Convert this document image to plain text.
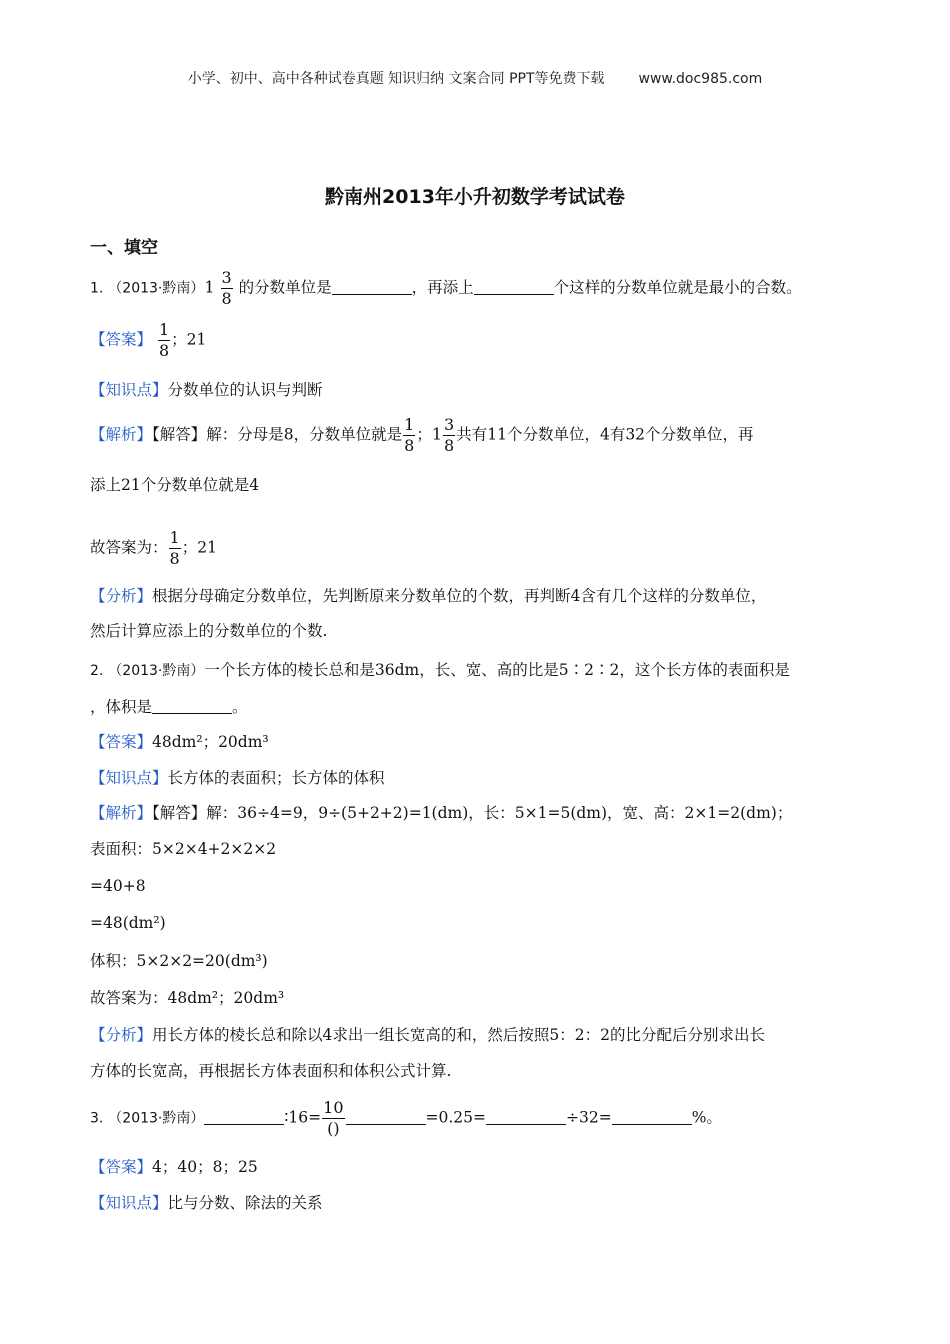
小学、初中、高中各种试卷真题 知识归纳 文案合同 PPT等免费下载 www.doc985.com
黔南州2013年小升初数学考试试卷
一、填空
1. （2013·黔南）$1 \frac{3}{8}$ 的分数单位是	，再添上	个这样的分数单位就是最小的合数。
【答案】 $\frac{1}{8}$ ；21
【知识点】分数单位的认识与判断
【解析】【解答】解：分母是8，分数单位就是 $\frac{1}{8}$ ；$1 \frac{3}{8}$ 共有11个分数单位，4有32个分数单位，再
添上21个分数单位就是4
故答案为： $\frac{1}{8}$ ；21
【分析】根据分母确定分数单位，先判断原来分数单位的个数，再判断4含有几个这样的分数单位，
然后计算应添上的分数单位的个数.
2. （2013·黔南）一个长方体的棱长总和是36dm，长、宽、高的比是5∶2∶2，这个长方体的表面积是
，体积是	。
【答案】48dm²；20dm³
【知识点】长方体的表面积；长方体的体积
【解析】【解答】解：36÷4=9，9÷(5+2+2)=1(dm)，长：5×1=5(dm)，宽、高：2×1=2(dm)；
表面积：5×2×4+2×2×2
=40+8
=48(dm²)
体积：5×2×2=20(dm³)
故答案为：48dm²；20dm³
【分析】用长方体的棱长总和除以4求出一组长宽高的和，然后按照5：2：2的比分配后分别求出长
方体的长宽高，再根据长方体表面积和体积公式计算.
3. （2013·黔南）	∶16= $\frac{10}{()}$	=0.25=	÷32=	%。
【答案】4；40；8；25
【知识点】比与分数、除法的关系
